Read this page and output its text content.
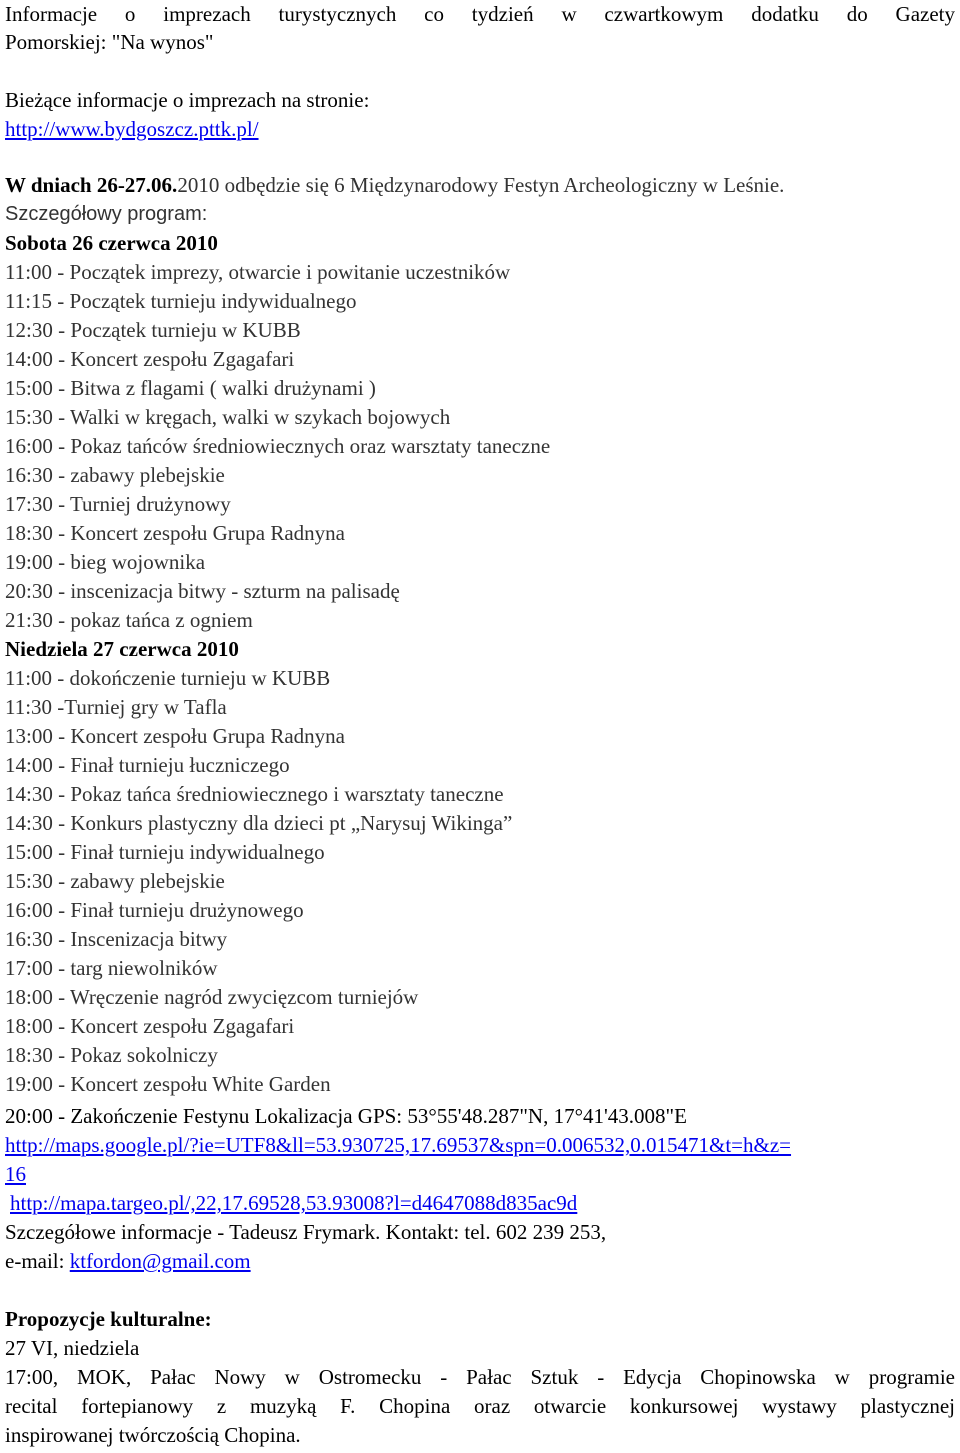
Informacje o imprezach turystycznych co tydzień w czwartkowym dodatku do Gazety
Pomorskiej: "Na wynos"
Bieżące informacje o imprezach na stronie:
http://www.bydgoszcz.pttk.pl/
W dniach 26-27.06.2010 odbędzie się 6 Międzynarodowy Festyn Archeologiczny w Leśnie.
Szczegółowy program:
Sobota 26 czerwca 2010
11:00 - Początek imprezy, otwarcie i powitanie uczestników
11:15 - Początek turnieju indywidualnego
12:30 - Początek turnieju w KUBB
14:00 - Koncert zespołu Zgagafari
15:00 - Bitwa z flagami ( walki drużynami )
15:30 - Walki w kręgach, walki w szykach bojowych
16:00 - Pokaz tańców średniowiecznych oraz warsztaty taneczne
16:30 - zabawy plebejskie
17:30 - Turniej drużynowy
18:30 - Koncert zespołu Grupa Radnyna
19:00 - bieg wojownika
20:30 - inscenizacja bitwy - szturm na palisadę
21:30 - pokaz tańca z ogniem
Niedziela 27 czerwca 2010
11:00 - dokończenie turnieju w KUBB
11:30 -Turniej gry w Tafla
13:00 - Koncert zespołu Grupa Radnyna
14:00 - Finał turnieju łuczniczego
14:30 - Pokaz tańca średniowiecznego i warsztaty taneczne
14:30 - Konkurs plastyczny dla dzieci pt „Narysuj Wikinga”
15:00 - Finał turnieju indywidualnego
15:30 - zabawy plebejskie
16:00 - Finał turnieju drużynowego
16:30 - Inscenizacja bitwy
17:00 - targ niewolników
18:00 - Wręczenie nagród zwycięzcom turniejów
18:00 - Koncert zespołu Zgagafari
18:30 - Pokaz sokolniczy
19:00 - Koncert zespołu White Garden
20:00 - Zakończenie Festynu Lokalizacja GPS: 53°55'48.287"N, 17°41'43.008"E
http://maps.google.pl/?ie=UTF8&ll=53.930725,17.69537&spn=0.006532,0.015471&t=h&z=
16
http://mapa.targeo.pl/,22,17.69528,53.93008?l=d4647088d835ac9d
Szczegółowe informacje - Tadeusz Frymark. Kontakt: tel. 602 239 253,
e-mail: ktfordon@gmail.com
Propozycje kulturalne:
27 VI, niedziela
17:00, MOK, Pałac Nowy w Ostromecku - Pałac Sztuk - Edycja Chopinowska w programie
recital fortepianowy z muzyką F. Chopina oraz otwarcie konkursowej wystawy plastycznej
inspirowanej twórczością Chopina.
